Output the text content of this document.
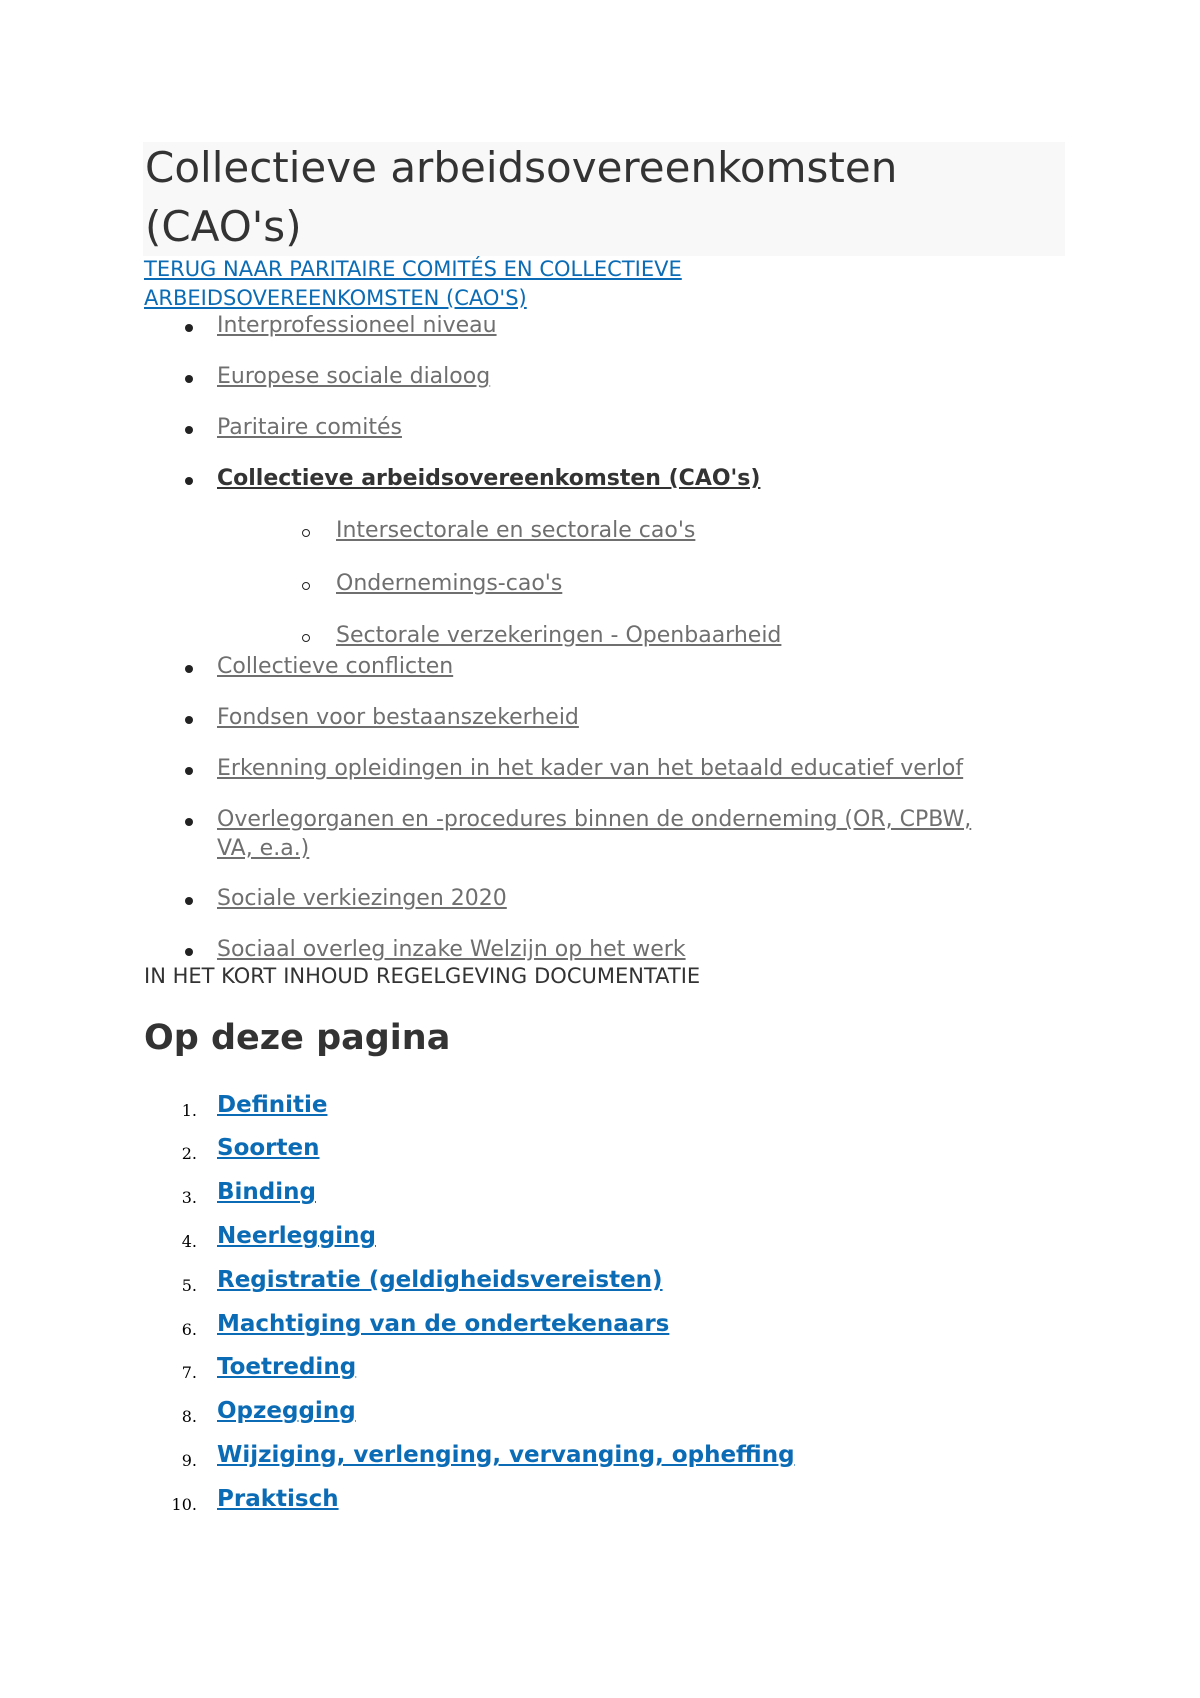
Collectieve arbeidsovereenkomsten
(CAO's)
TERUG NAAR PARITAIRE COMITÉS EN COLLECTIEVE
ARBEIDSOVEREENKOMSTEN (CAO'S)
Interprofessioneel niveau
Europese sociale dialoog
Paritaire comités
Collectieve arbeidsovereenkomsten (CAO's)
Intersectorale en sectorale cao's
Ondernemings-cao's
Sectorale verzekeringen - Openbaarheid
Collectieve conflicten
Fondsen voor bestaanszekerheid
Erkenning opleidingen in het kader van het betaald educatief verlof
Overlegorganen en -procedures binnen de onderneming (OR, CPBW,
VA, e.a.)
Sociale verkiezingen 2020
Sociaal overleg inzake Welzijn op het werk
IN HET KORT INHOUD REGELGEVING DOCUMENTATIE
Op deze pagina
1. Definitie
2. Soorten
3. Binding
4. Neerlegging
5. Registratie (geldigheidsvereisten)
6. Machtiging van de ondertekenaars
7. Toetreding
8. Opzegging
9. Wijziging, verlenging, vervanging, opheffing
10. Praktisch
